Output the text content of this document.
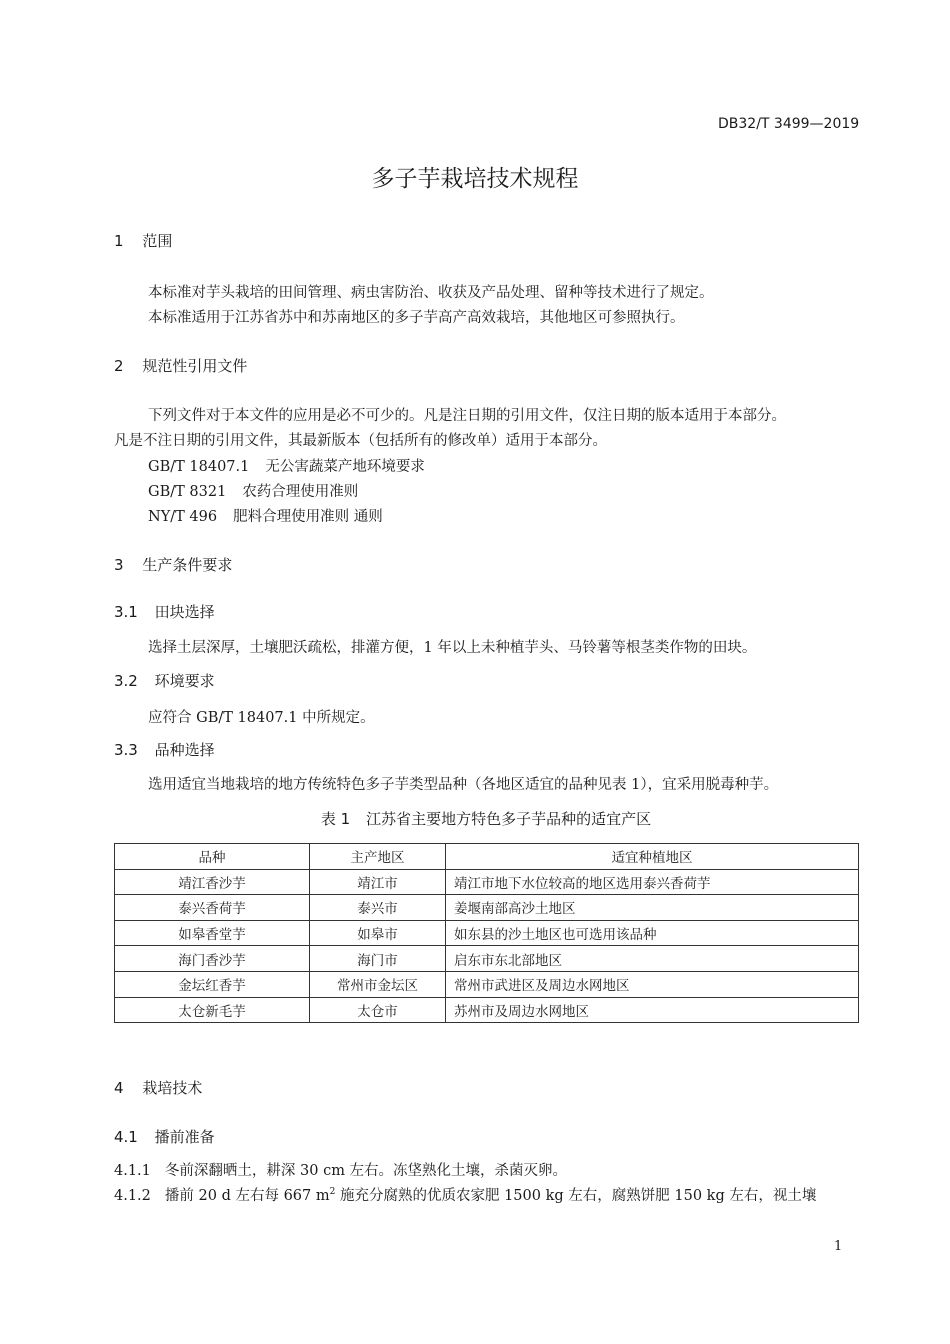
DB32/T 3499—2019
多子芋栽培技术规程
1 范围
本标准对芋头栽培的田间管理、病虫害防治、收获及产品处理、留种等技术进行了规定。
本标准适用于江苏省苏中和苏南地区的多子芋高产高效栽培，其他地区可参照执行。
2 规范性引用文件
下列文件对于本文件的应用是必不可少的。凡是注日期的引用文件，仅注日期的版本适用于本部分。
凡是不注日期的引用文件，其最新版本（包括所有的修改单）适用于本部分。
GB/T 18407.1 无公害蔬菜产地环境要求
GB/T 8321 农药合理使用准则
NY/T 496 肥料合理使用准则 通则
3 生产条件要求
3.1 田块选择
选择土层深厚，土壤肥沃疏松，排灌方便，1 年以上未种植芋头、马铃薯等根茎类作物的田块。
3.2 环境要求
应符合 GB/T 18407.1 中所规定。
3.3 品种选择
选用适宜当地栽培的地方传统特色多子芋类型品种（各地区适宜的品种见表 1），宜采用脱毒种芋。
表 1 江苏省主要地方特色多子芋品种的适宜产区
品种	主产地区	适宜种植地区
靖江香沙芋	靖江市	靖江市地下水位较高的地区选用泰兴香荷芋
泰兴香荷芋	泰兴市	姜堰南部高沙土地区
如皋香堂芋	如皋市	如东县的沙土地区也可选用该品种
海门香沙芋	海门市	启东市东北部地区
金坛红香芋	常州市金坛区	常州市武进区及周边水网地区
太仓新毛芋	太仓市	苏州市及周边水网地区
4 栽培技术
4.1 播前准备
4.1.1 冬前深翻晒土，耕深 30 cm 左右。冻垡熟化土壤，杀菌灭卵。
4.1.2 播前 20 d 左右每 667 $m^2$ 施充分腐熟的优质农家肥 1500 kg 左右，腐熟饼肥 150 kg 左右，视土壤
1
